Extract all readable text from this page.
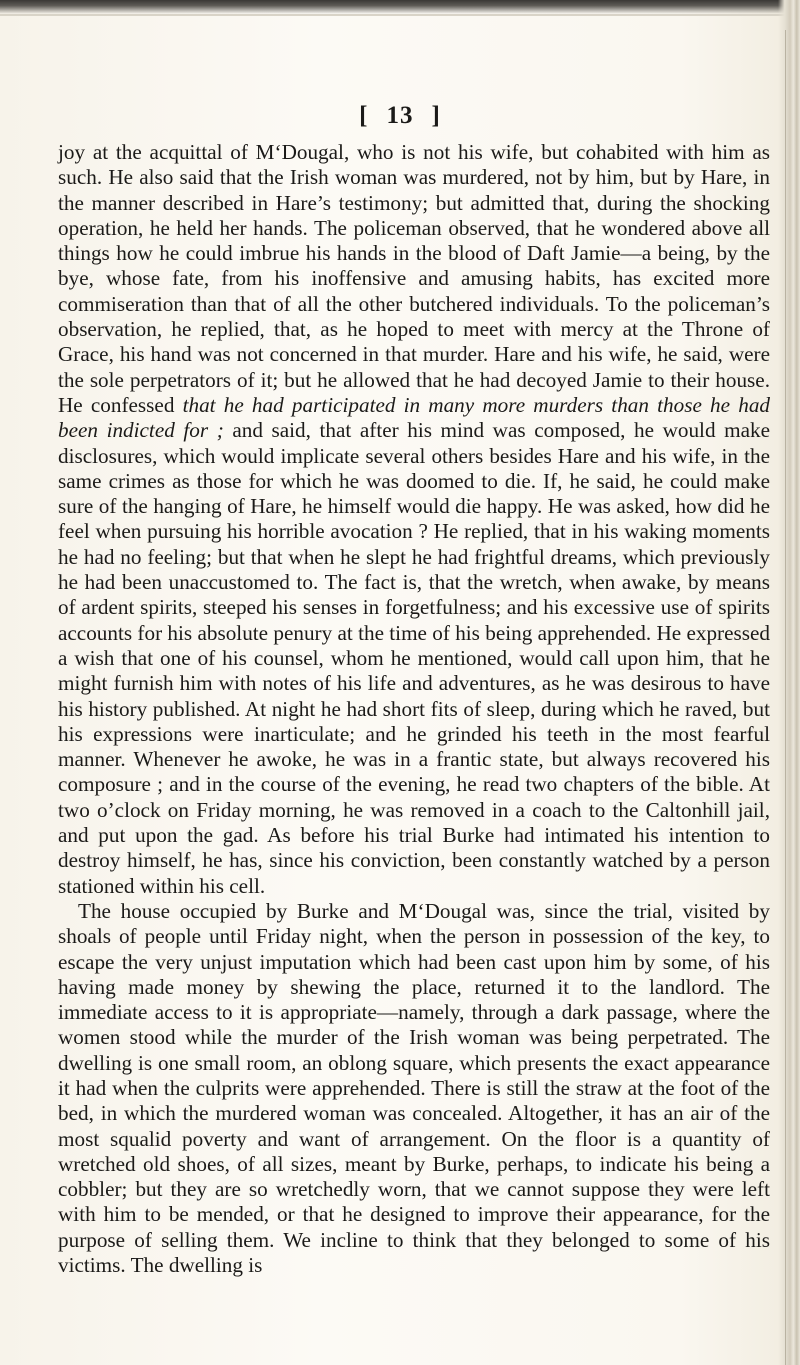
[ 13 ]

joy at the acquittal of M‘Dougal, who is not his wife, but cohabited with him as such. He also said that the Irish woman was murdered, not by him, but by Hare, in the manner described in Hare’s testimony; but admitted that, during the shocking operation, he held her hands. The policeman observed, that he wondered above all things how he could imbrue his hands in the blood of Daft Jamie—a being, by the bye, whose fate, from his inoffensive and amusing habits, has excited more commiseration than that of all the other butchered individuals. To the policeman’s observation, he replied, that, as he hoped to meet with mercy at the Throne of Grace, his hand was not concerned in that murder. Hare and his wife, he said, were the sole perpetrators of it; but he allowed that he had decoyed Jamie to their house. He confessed that he had participated in many more murders than those he had been indicted for ; and said, that after his mind was composed, he would make disclosures, which would implicate several others besides Hare and his wife, in the same crimes as those for which he was doomed to die. If, he said, he could make sure of the hanging of Hare, he himself would die happy. He was asked, how did he feel when pursuing his horrible avocation ? He replied, that in his waking moments he had no feeling; but that when he slept he had frightful dreams, which previously he had been unaccustomed to. The fact is, that the wretch, when awake, by means of ardent spirits, steeped his senses in forgetfulness; and his excessive use of spirits accounts for his absolute penury at the time of his being apprehended. He expressed a wish that one of his counsel, whom he mentioned, would call upon him, that he might furnish him with notes of his life and adventures, as he was desirous to have his history published. At night he had short fits of sleep, during which he raved, but his expressions were inarticulate; and he grinded his teeth in the most fearful manner. Whenever he awoke, he was in a frantic state, but always recovered his composure ; and in the course of the evening, he read two chapters of the bible. At two o’clock on Friday morning, he was removed in a coach to the Caltonhill jail, and put upon the gad. As before his trial Burke had intimated his intention to destroy himself, he has, since his conviction, been constantly watched by a person stationed within his cell.

The house occupied by Burke and M‘Dougal was, since the trial, visited by shoals of people until Friday night, when the person in possession of the key, to escape the very unjust imputation which had been cast upon him by some, of his having made money by shewing the place, returned it to the landlord. The immediate access to it is appropriate—namely, through a dark passage, where the women stood while the murder of the Irish woman was being perpetrated. The dwelling is one small room, an oblong square, which presents the exact appearance it had when the culprits were apprehended. There is still the straw at the foot of the bed, in which the murdered woman was concealed. Altogether, it has an air of the most squalid poverty and want of arrangement. On the floor is a quantity of wretched old shoes, of all sizes, meant by Burke, perhaps, to indicate his being a cobbler; but they are so wretchedly worn, that we cannot suppose they were left with him to be mended, or that he designed to improve their appearance, for the purpose of selling them. We incline to think that they belonged to some of his victims. The dwelling is
